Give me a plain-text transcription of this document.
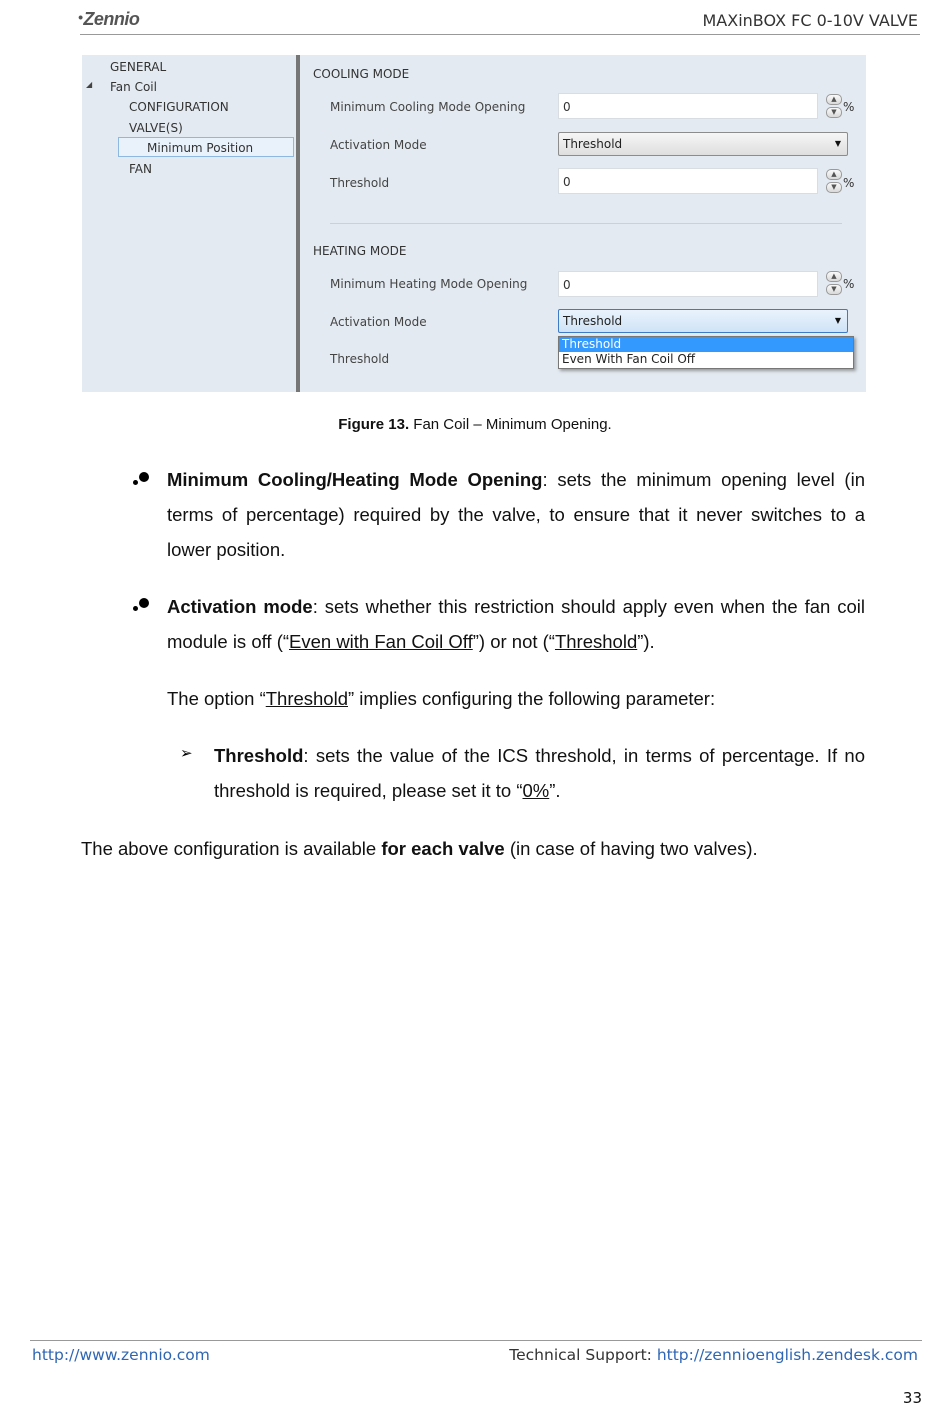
•Zennio	MAXinBOX FC 0-10V VALVE
GENERAL
◢ Fan Coil
CONFIGURATION
VALVE(S)
Minimum Position
FAN
COOLING MODE
Minimum Cooling Mode Opening	0
▲
▼ %
Activation Mode	Threshold	▼
Threshold	0
▲
▼ %
HEATING MODE
Minimum Heating Mode Opening	0
▲
▼ %
Activation Mode	Threshold	▼
Threshold
Threshold
Even With Fan Coil Off
Figure 13. Fan Coil – Minimum Opening.
Minimum Cooling/Heating Mode Opening: sets the minimum opening level (in terms of percentage) required by the valve, to ensure that it never switches to a lower position.
Activation mode: sets whether this restriction should apply even when the fan coil module is off (“Even with Fan Coil Off”) or not (“Threshold”).
The option “Threshold” implies configuring the following parameter:
➢ Threshold: sets the value of the ICS threshold, in terms of percentage. If no threshold is required, please set it to “0%”.
The above configuration is available for each valve (in case of having two valves).
http://www.zennio.com	Technical Support: http://zennioenglish.zendesk.com
33
